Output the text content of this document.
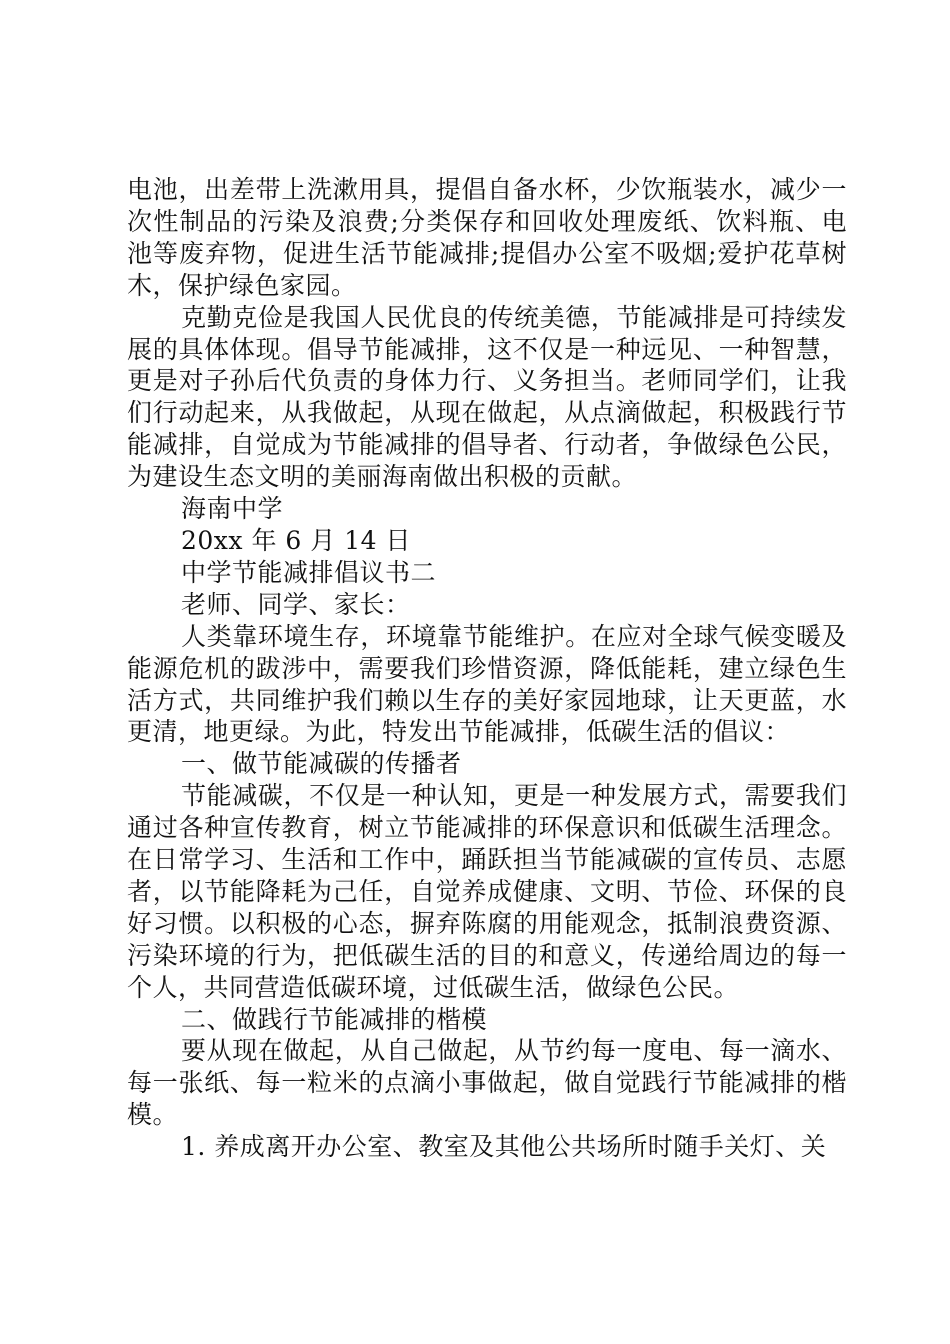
电池，出差带上洗漱用具，提倡自备水杯，少饮瓶装水，减少一次性制品的污染及浪费;分类保存和回收处理废纸、饮料瓶、电池等废弃物，促进生活节能减排;提倡办公室不吸烟;爱护花草树木，保护绿色家园。

克勤克俭是我国人民优良的传统美德，节能减排是可持续发展的具体体现。倡导节能减排，这不仅是一种远见、一种智慧，更是对子孙后代负责的身体力行、义务担当。老师同学们，让我们行动起来，从我做起，从现在做起，从点滴做起，积极践行节能减排，自觉成为节能减排的倡导者、行动者，争做绿色公民，为建设生态文明的美丽海南做出积极的贡献。

海南中学

20xx 年 6 月 14 日

中学节能减排倡议书二

老师、同学、家长：

人类靠环境生存，环境靠节能维护。在应对全球气候变暖及能源危机的跋涉中，需要我们珍惜资源，降低能耗，建立绿色生活方式，共同维护我们赖以生存的美好家园地球，让天更蓝，水更清，地更绿。为此，特发出节能减排，低碳生活的倡议：

一、做节能减碳的传播者

节能减碳，不仅是一种认知，更是一种发展方式，需要我们通过各种宣传教育，树立节能减排的环保意识和低碳生活理念。在日常学习、生活和工作中，踊跃担当节能减碳的宣传员、志愿者，以节能降耗为己任，自觉养成健康、文明、节俭、环保的良好习惯。以积极的心态，摒弃陈腐的用能观念，抵制浪费资源、污染环境的行为，把低碳生活的目的和意义，传递给周边的每一个人，共同营造低碳环境，过低碳生活，做绿色公民。

二、做践行节能减排的楷模

要从现在做起，从自己做起，从节约每一度电、每一滴水、每一张纸、每一粒米的点滴小事做起，做自觉践行节能减排的楷模。

1. 养成离开办公室、教室及其他公共场所时随手关灯、关
